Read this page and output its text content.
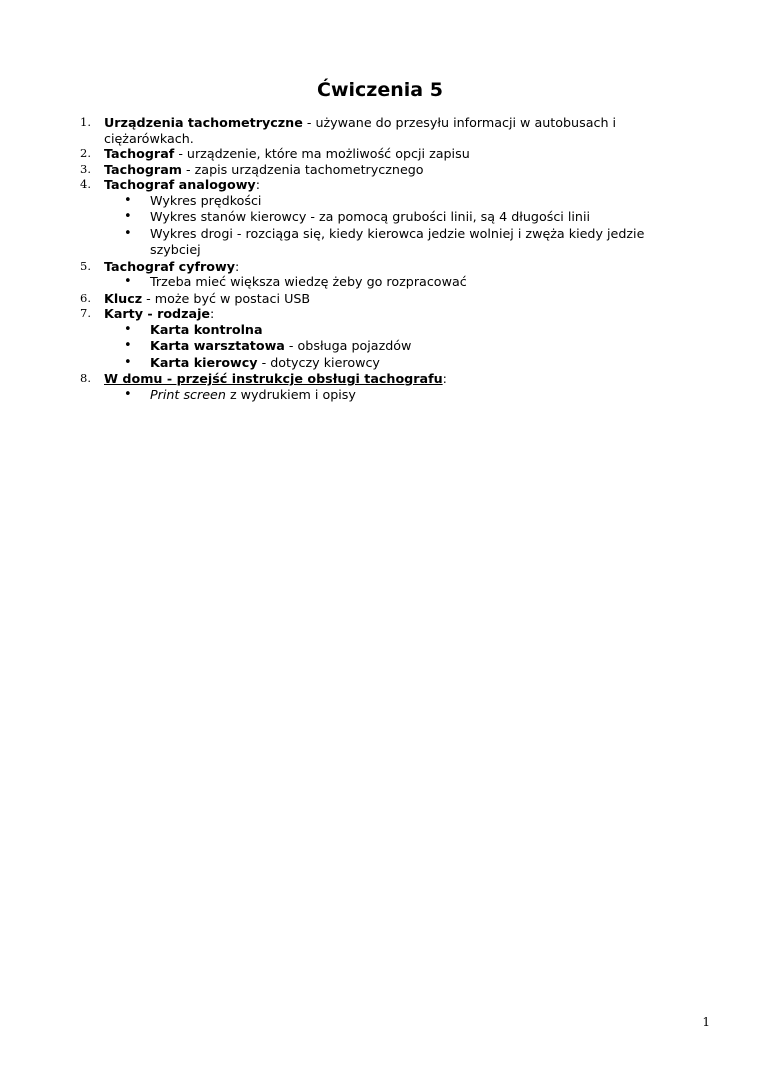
Ćwiczenia 5
1. Urządzenia tachometryczne - używane do przesyłu informacji w autobusach i ciężarówkach.
2. Tachograf - urządzenie, które ma możliwość opcji zapisu
3. Tachogram - zapis urządzenia tachometrycznego
4. Tachograf analogowy:
• Wykres prędkości
• Wykres stanów kierowcy - za pomocą grubości linii, są 4 długości linii
• Wykres drogi - rozciąga się, kiedy kierowca jedzie wolniej i zwęża kiedy jedzie szybciej
5. Tachograf cyfrowy:
• Trzeba mieć większa wiedzę żeby go rozpracować
6. Klucz - może być w postaci USB
7. Karty - rodzaje:
• Karta kontrolna
• Karta warsztatowa - obsługa pojazdów
• Karta kierowcy - dotyczy kierowcy
8. W domu - przejść instrukcje obsługi tachografu:
• Print screen z wydrukiem i opisy
1
